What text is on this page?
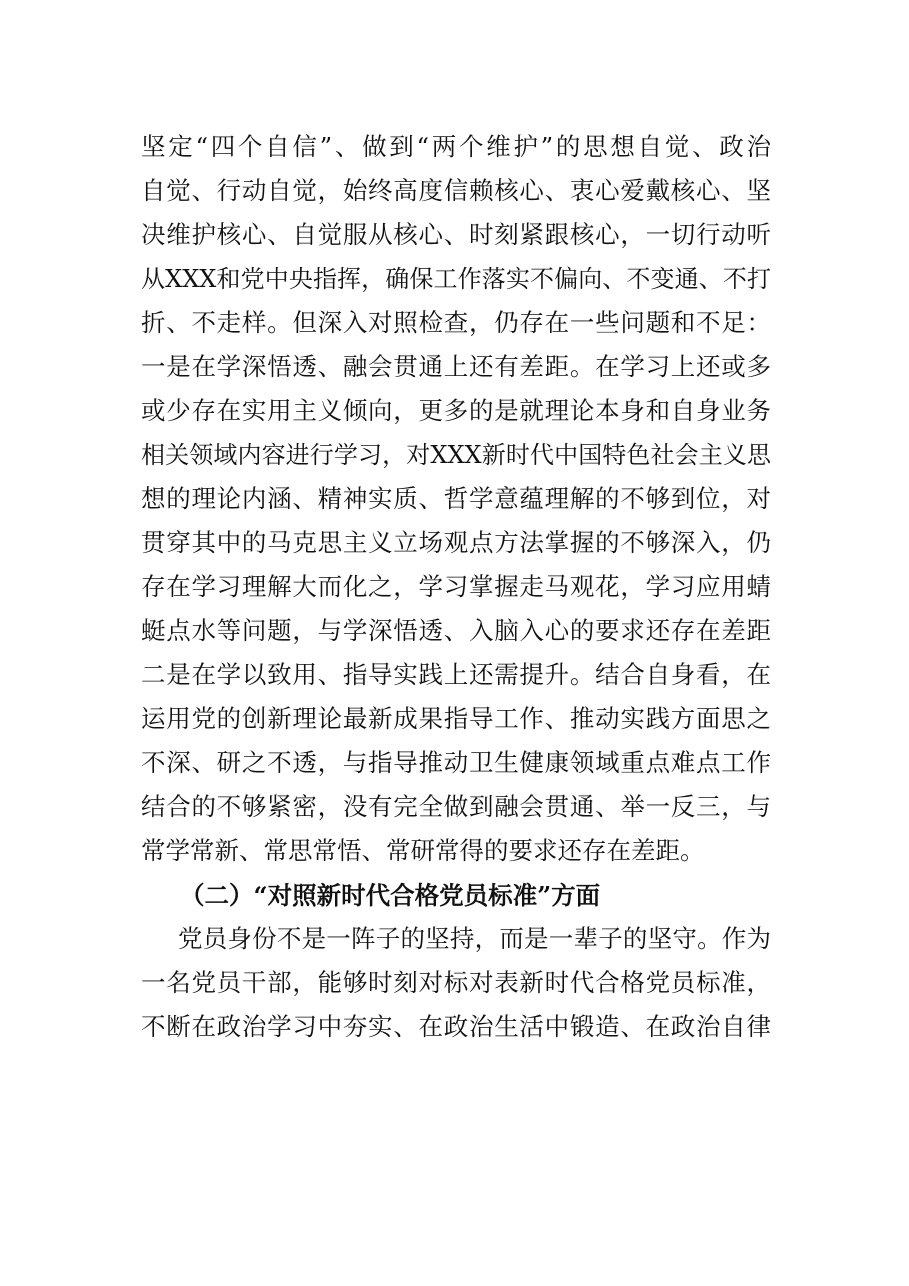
坚定“四个自信”、做到“两个维护”的思想自觉、政治
自觉、行动自觉，始终高度信赖核心、衷心爱戴核心、坚
决维护核心、自觉服从核心、时刻紧跟核心，一切行动听
从XXX和党中央指挥，确保工作落实不偏向、不变通、不打
折、不走样。但深入对照检查，仍存在一些问题和不足：
一是在学深悟透、融会贯通上还有差距。在学习上还或多
或少存在实用主义倾向，更多的是就理论本身和自身业务
相关领域内容进行学习，对XXX新时代中国特色社会主义思
想的理论内涵、精神实质、哲学意蕴理解的不够到位，对
贯穿其中的马克思主义立场观点方法掌握的不够深入，仍
存在学习理解大而化之，学习掌握走马观花，学习应用蜻
蜓点水等问题，与学深悟透、入脑入心的要求还存在差距
二是在学以致用、指导实践上还需提升。结合自身看，在
运用党的创新理论最新成果指导工作、推动实践方面思之
不深、研之不透，与指导推动卫生健康领域重点难点工作
结合的不够紧密，没有完全做到融会贯通、举一反三，与
常学常新、常思常悟、常研常得的要求还存在差距。
（二）“对照新时代合格党员标准”方面
党员身份不是一阵子的坚持，而是一辈子的坚守。作为
一名党员干部，能够时刻对标对表新时代合格党员标准，
不断在政治学习中夯实、在政治生活中锻造、在政治自律
